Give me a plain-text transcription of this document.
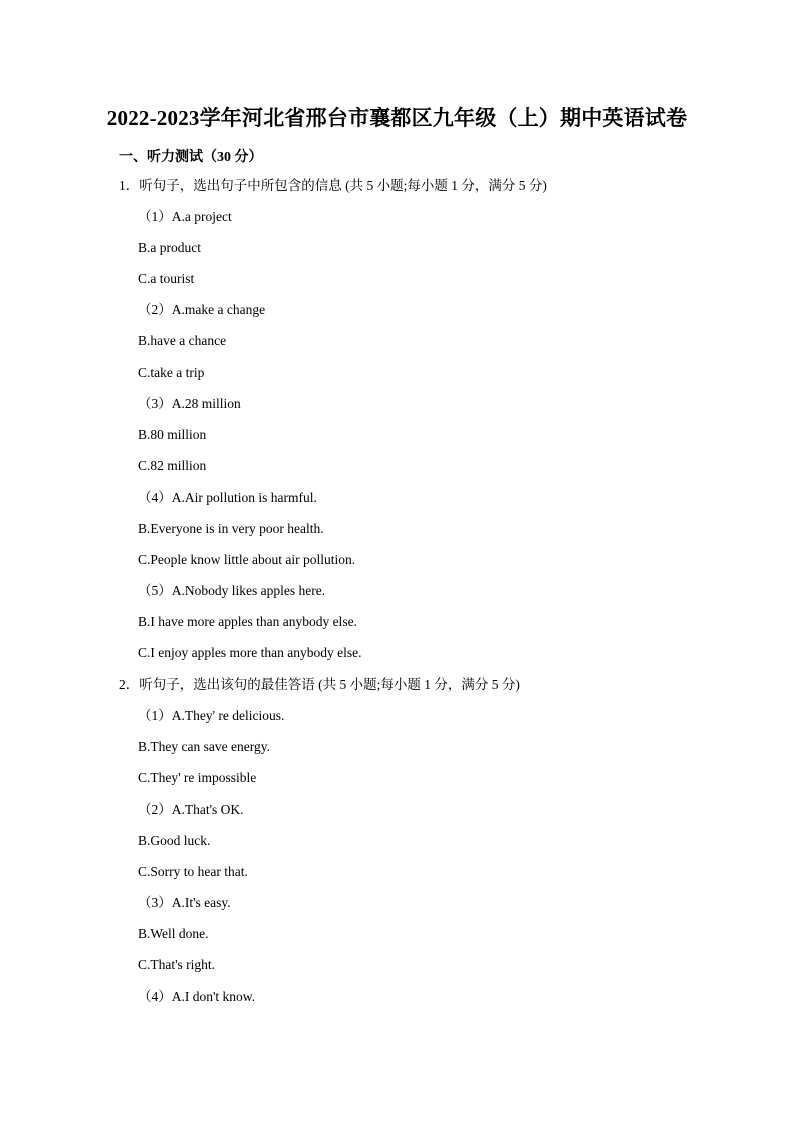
2022-2023学年河北省邢台市襄都区九年级（上）期中英语试卷
一、听力测试（30 分）
1．听句子，选出句子中所包含的信息 (共 5 小题;每小题 1 分，满分 5 分)
（1）A.a project
B.a product
C.a tourist
（2）A.make a change
B.have a chance
C.take a trip
（3）A.28 million
B.80 million
C.82 million
（4）A.Air pollution is harmful.
B.Everyone is in very poor health.
C.People know little about air pollution.
（5）A.Nobody likes apples here.
B.I have more apples than anybody else.
C.I enjoy apples more than anybody else.
2．听句子，选出该句的最佳答语 (共 5 小题;每小题 1 分，满分 5 分)
（1）A.They' re delicious.
B.They can save energy.
C.They' re impossible
（2）A.That's OK.
B.Good luck.
C.Sorry to hear that.
（3）A.It's easy.
B.Well done.
C.That's right.
（4）A.I don't know.
